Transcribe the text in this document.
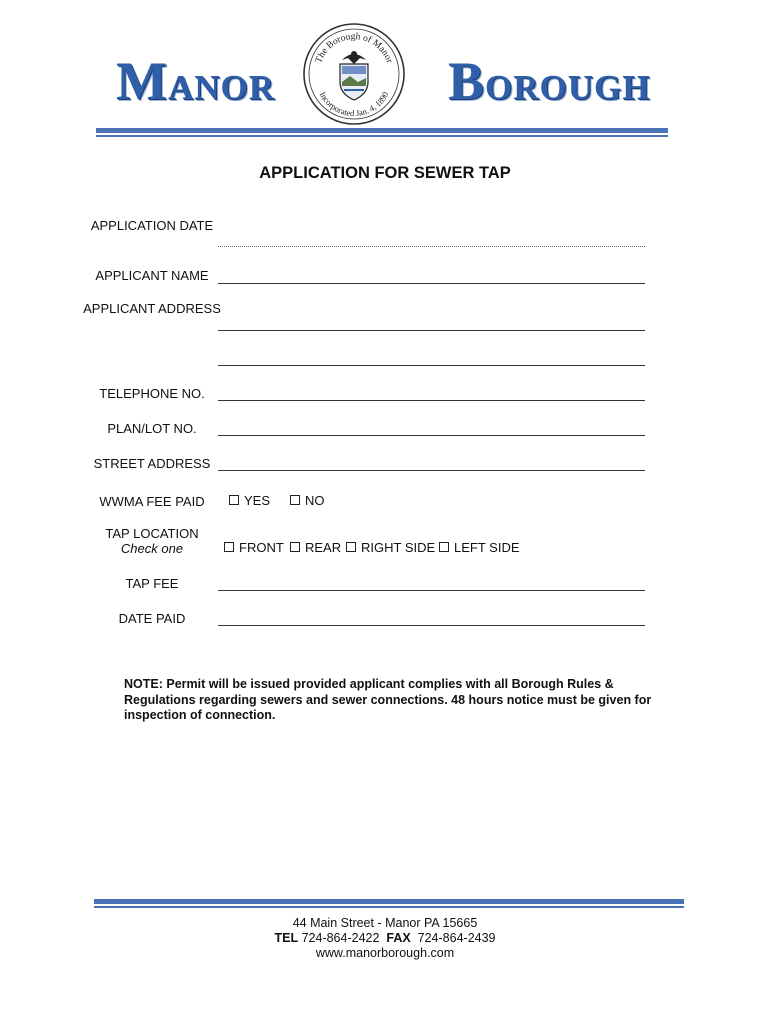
MANOR
The Borough of Manor
Incorporated Jan. 4, 1890 BOROUGH
APPLICATION FOR SEWER TAP
APPLICATION DATE
APPLICANT NAME
APPLICANT ADDRESS
TELEPHONE NO.
PLAN/LOT NO.
STREET ADDRESS
WWMA FEE PAID	YES	NO
TAP LOCATION
Check one	FRONT	REAR	RIGHT SIDE	LEFT SIDE
TAP FEE
DATE PAID
NOTE: Permit will be issued provided applicant complies with all Borough Rules & Regulations regarding sewers and sewer connections. 48 hours notice must be given for inspection of connection.
44 Main Street - Manor PA 15665
TEL 724-864-2422 FAX 724-864-2439
www.manorborough.com
